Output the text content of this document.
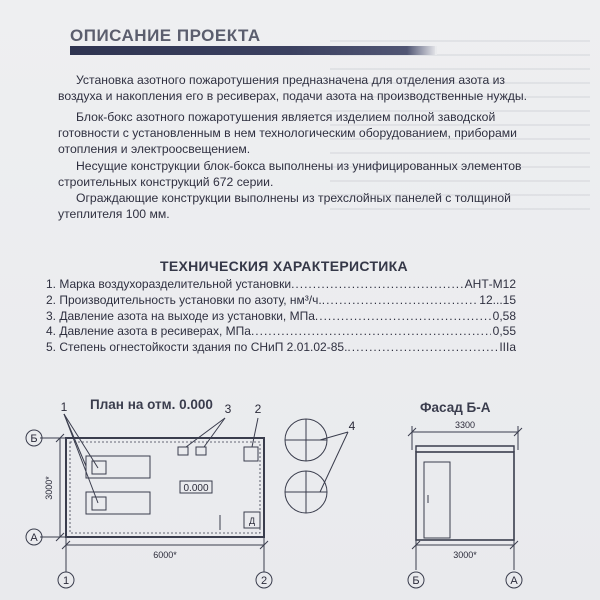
ОПИСАНИЕ ПРОЕКТА
Установка азотного пожаротушения предназначена для отделения азота из воздуха и накопления его в ресиверах, подачи азота на производственные нужды.
Блок-бокс азотного пожаротушения является изделием полной заводской готовности с установленным в нем технологическим оборудованием, приборами отопления и электроосвещением.
Несущие конструкции блок-бокса выполнены из унифицированных элементов строительных конструкций 672 серии.
Ограждающие конструкции выполнены из трехслойных панелей с толщиной утеплителя 100 мм.
ТЕХНИЧЕСКИЯ ХАРАКТЕРИСТИКА
1. Марка воздухоразделительной установки .....	АНТ-М12
2. Производительность установки по азоту, нм³/ч. .....	12...15
3. Давление азота на выходе из установки, МПа .....	0,58
4. Давление азота в ресиверах, МПа .....	0,55
5. Степень огнестойкости здания по СНиП 2.01.02-85. .....	IIIa
План на отм. 0.000	Фасад Б-А
Б
А
1	2	Б	А
1	3 2
4
0.000
Д
6000*
3000*
3300
3000*
